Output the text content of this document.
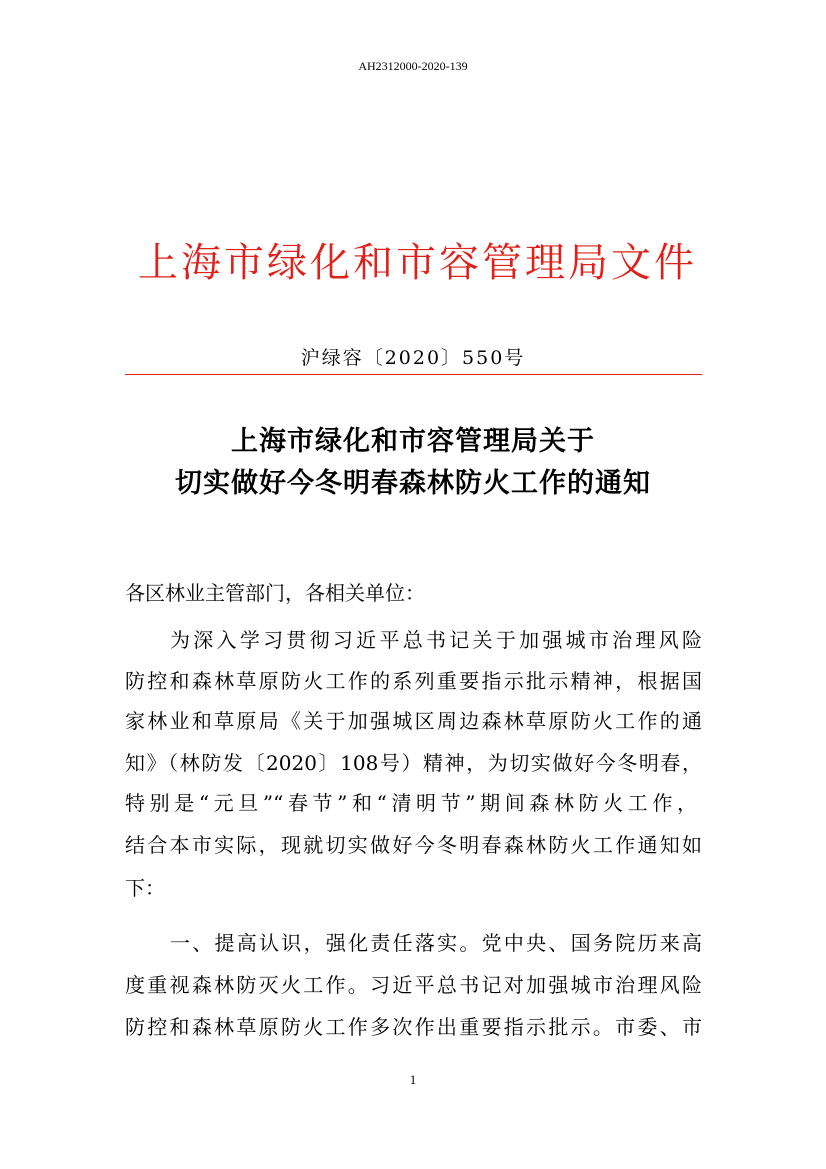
AH2312000-2020-139
上海市绿化和市容管理局文件
沪绿容〔2020〕550号
上海市绿化和市容管理局关于
切实做好今冬明春森林防火工作的通知
各区林业主管部门，各相关单位：
为深入学习贯彻习近平总书记关于加强城市治理风险
防控和森林草原防火工作的系列重要指示批示精神，根据国
家林业和草原局《关于加强城区周边森林草原防火工作的通
知》（林防发〔2020〕108号）精神，为切实做好今冬明春，
特别是“元旦”“春节”和“清明节”期间森林防火工作，
结合本市实际，现就切实做好今冬明春森林防火工作通知如
下：
一、提高认识，强化责任落实。党中央、国务院历来高
度重视森林防灭火工作。习近平总书记对加强城市治理风险
防控和森林草原防火工作多次作出重要指示批示。市委、市
1
